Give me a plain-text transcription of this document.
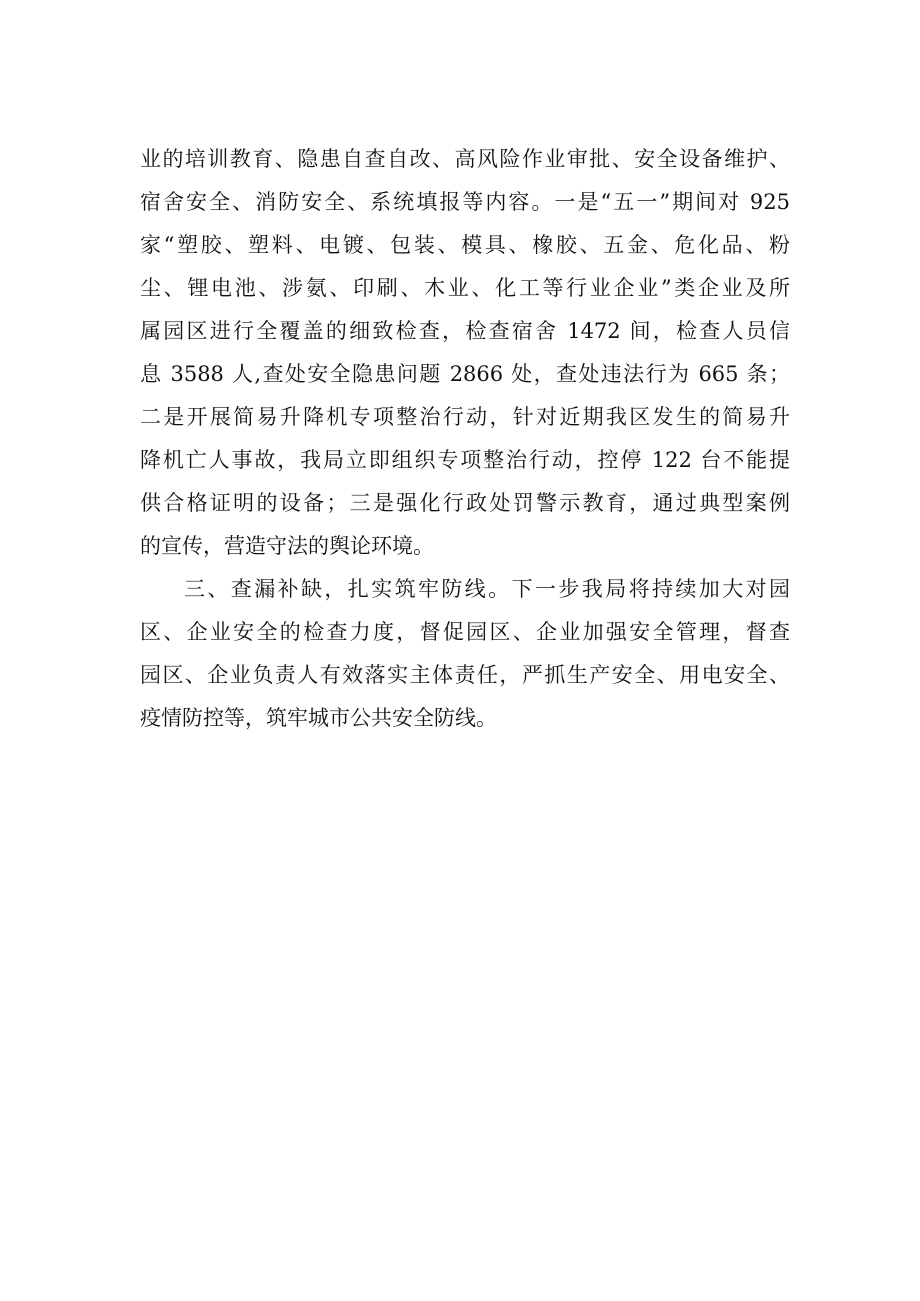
业的培训教育、隐患自查自改、高风险作业审批、安全设备维护、
宿舍安全、消防安全、系统填报等内容。一是“五一”期间对 925
家“塑胶、塑料、电镀、包装、模具、橡胶、五金、危化品、粉
尘、锂电池、涉氨、印刷、木业、化工等行业企业”类企业及所
属园区进行全覆盖的细致检查，检查宿舍 1472 间，检查人员信
息 3588 人,查处安全隐患问题 2866 处，查处违法行为 665 条；
二是开展简易升降机专项整治行动，针对近期我区发生的简易升
降机亡人事故，我局立即组织专项整治行动，控停 122 台不能提
供合格证明的设备；三是强化行政处罚警示教育，通过典型案例
的宣传，营造守法的舆论环境。
三、查漏补缺，扎实筑牢防线。下一步我局将持续加大对园
区、企业安全的检查力度，督促园区、企业加强安全管理，督查
园区、企业负责人有效落实主体责任，严抓生产安全、用电安全、
疫情防控等，筑牢城市公共安全防线。
